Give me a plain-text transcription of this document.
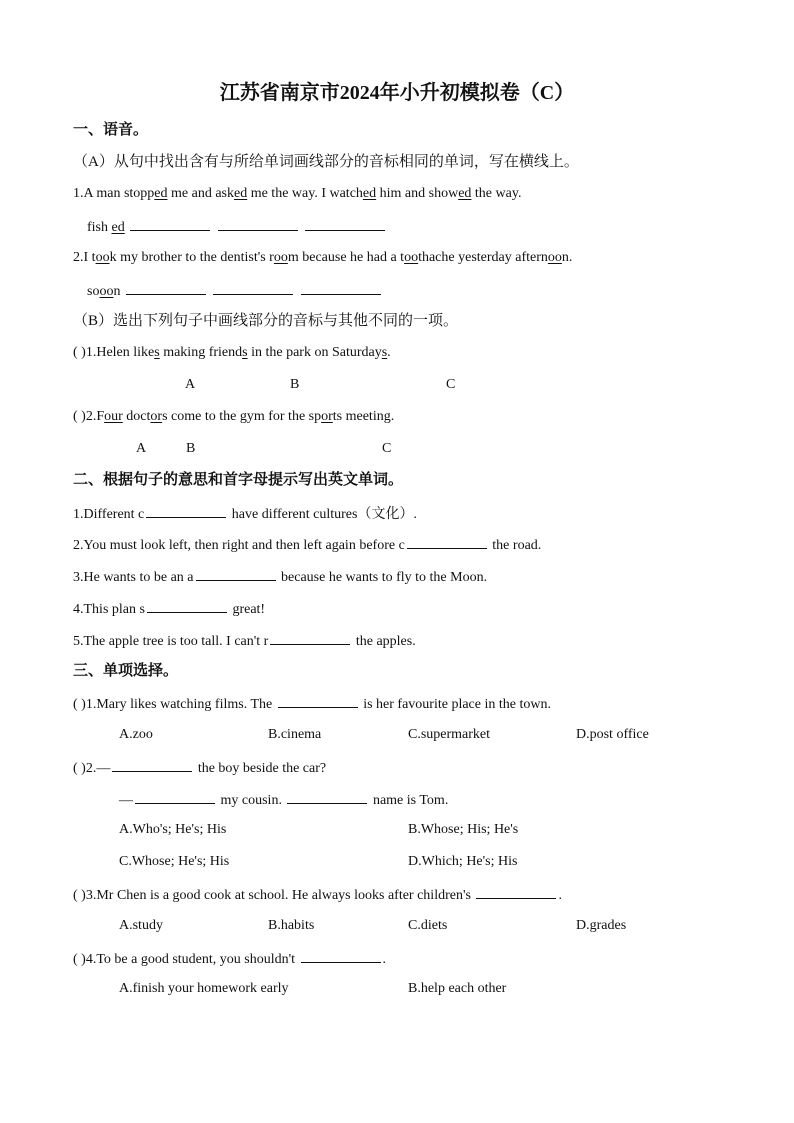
江苏省南京市2024年小升初模拟卷（C）
一、语音。
（A）从句中找出含有与所给单词画线部分的音标相同的单词，写在横线上。
1.A man stopped me and asked me the way. I watched him and showed the way.
fish ed
2.I took my brother to the dentist's room because he had a toothache yesterday afternoon.
sooon
（B）选出下列句子中画线部分的音标与其他不同的一项。
( )1.Helen likes making friends in the park on Saturdays.
A	B	C
( )2.Four doctors come to the gym for the sports meeting.
A	B	C
二、根据句子的意思和首字母提示写出英文单词。
1.Different c	have different cultures（文化）.
2.You must look left, then right and then left again before c	the road.
3.He wants to be an a	because he wants to fly to the Moon.
4.This plan s	great!
5.The apple tree is too tall. I can't r	the apples.
三、单项选择。
( )1.Mary likes watching films. The	is her favourite place in the town.
A.zoo	B.cinema	C.supermarket	D.post office
( )2.—	the boy beside the car?
—	my cousin.	name is Tom.
A.Who's; He's; His	B.Whose; His; He's
C.Whose; He's; His	D.Which; He's; His
( )3.Mr Chen is a good cook at school. He always looks after children's	.
A.study	B.habits	C.diets	D.grades
( )4.To be a good student, you shouldn't	.
A.finish your homework early	B.help each other
